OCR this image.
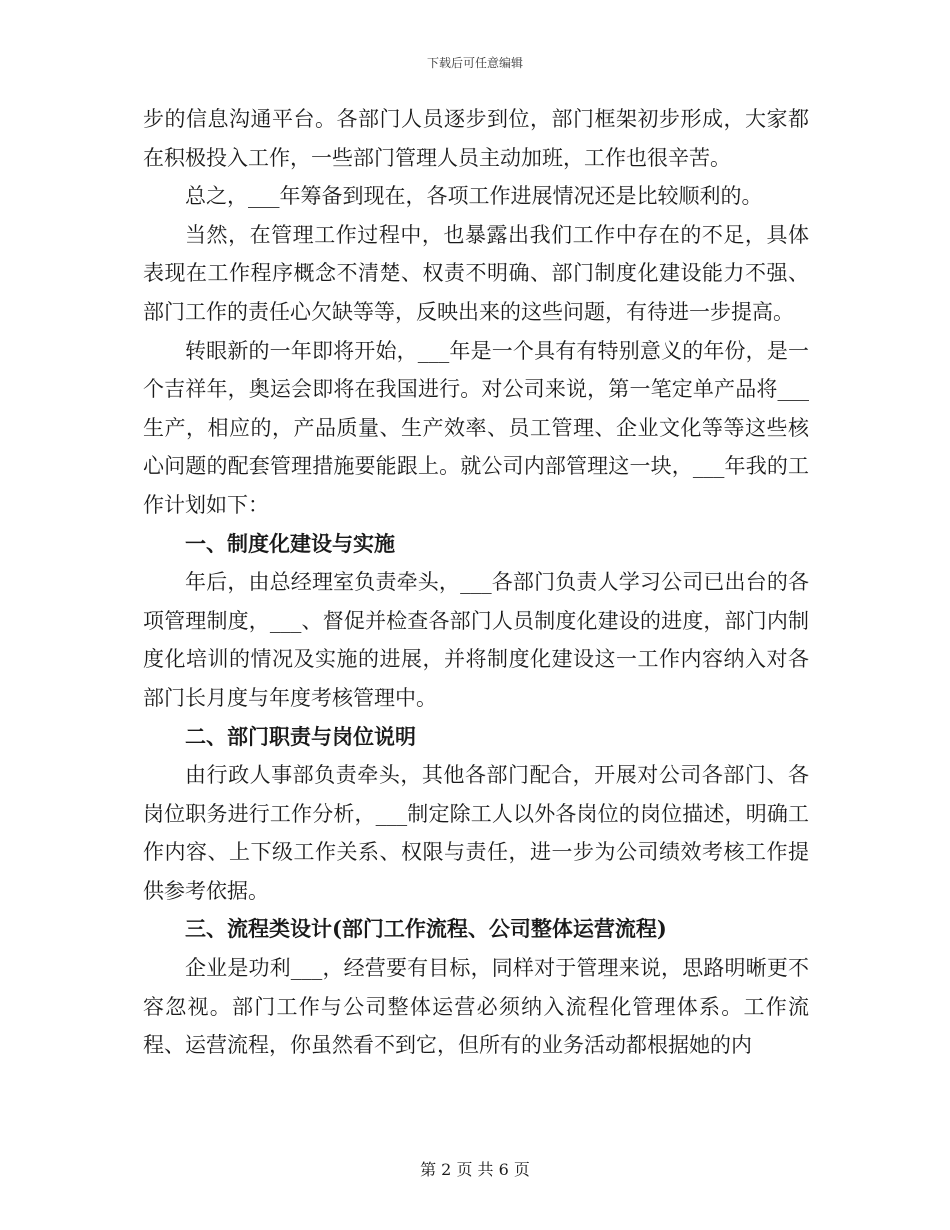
下载后可任意编辑

步的信息沟通平台。各部门人员逐步到位，部门框架初步形成，大家都在积极投入工作，一些部门管理人员主动加班，工作也很辛苦。

总之，___年筹备到现在，各项工作进展情况还是比较顺利的。

当然，在管理工作过程中，也暴露出我们工作中存在的不足，具体表现在工作程序概念不清楚、权责不明确、部门制度化建设能力不强、部门工作的责任心欠缺等等，反映出来的这些问题，有待进一步提高。

转眼新的一年即将开始，___年是一个具有有特别意义的年份，是一个吉祥年，奥运会即将在我国进行。对公司来说，第一笔定单产品将___生产，相应的，产品质量、生产效率、员工管理、企业文化等等这些核心问题的配套管理措施要能跟上。就公司内部管理这一块，___年我的工作计划如下：

一、制度化建设与实施

年后，由总经理室负责牵头，___各部门负责人学习公司已出台的各项管理制度，___、督促并检查各部门人员制度化建设的进度，部门内制度化培训的情况及实施的进展，并将制度化建设这一工作内容纳入对各部门长月度与年度考核管理中。

二、部门职责与岗位说明

由行政人事部负责牵头，其他各部门配合，开展对公司各部门、各岗位职务进行工作分析，___制定除工人以外各岗位的岗位描述，明确工作内容、上下级工作关系、权限与责任，进一步为公司绩效考核工作提供参考依据。

三、流程类设计(部门工作流程、公司整体运营流程)

企业是功利___，经营要有目标，同样对于管理来说，思路明晰更不容忽视。部门工作与公司整体运营必须纳入流程化管理体系。工作流程、运营流程，你虽然看不到它，但所有的业务活动都根据她的内

第 2 页 共 6 页
